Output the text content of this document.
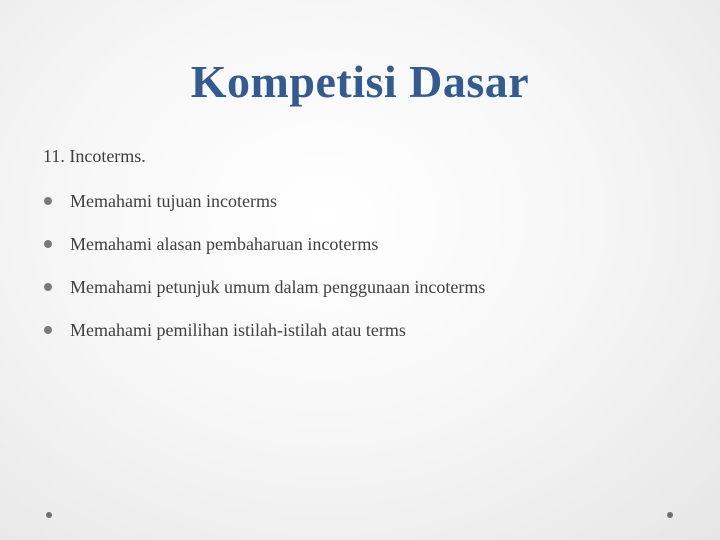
Kompetisi Dasar
11. Incoterms.
Memahami tujuan incoterms
Memahami alasan pembaharuan incoterms
Memahami petunjuk umum dalam penggunaan incoterms
Memahami pemilihan istilah-istilah atau terms
